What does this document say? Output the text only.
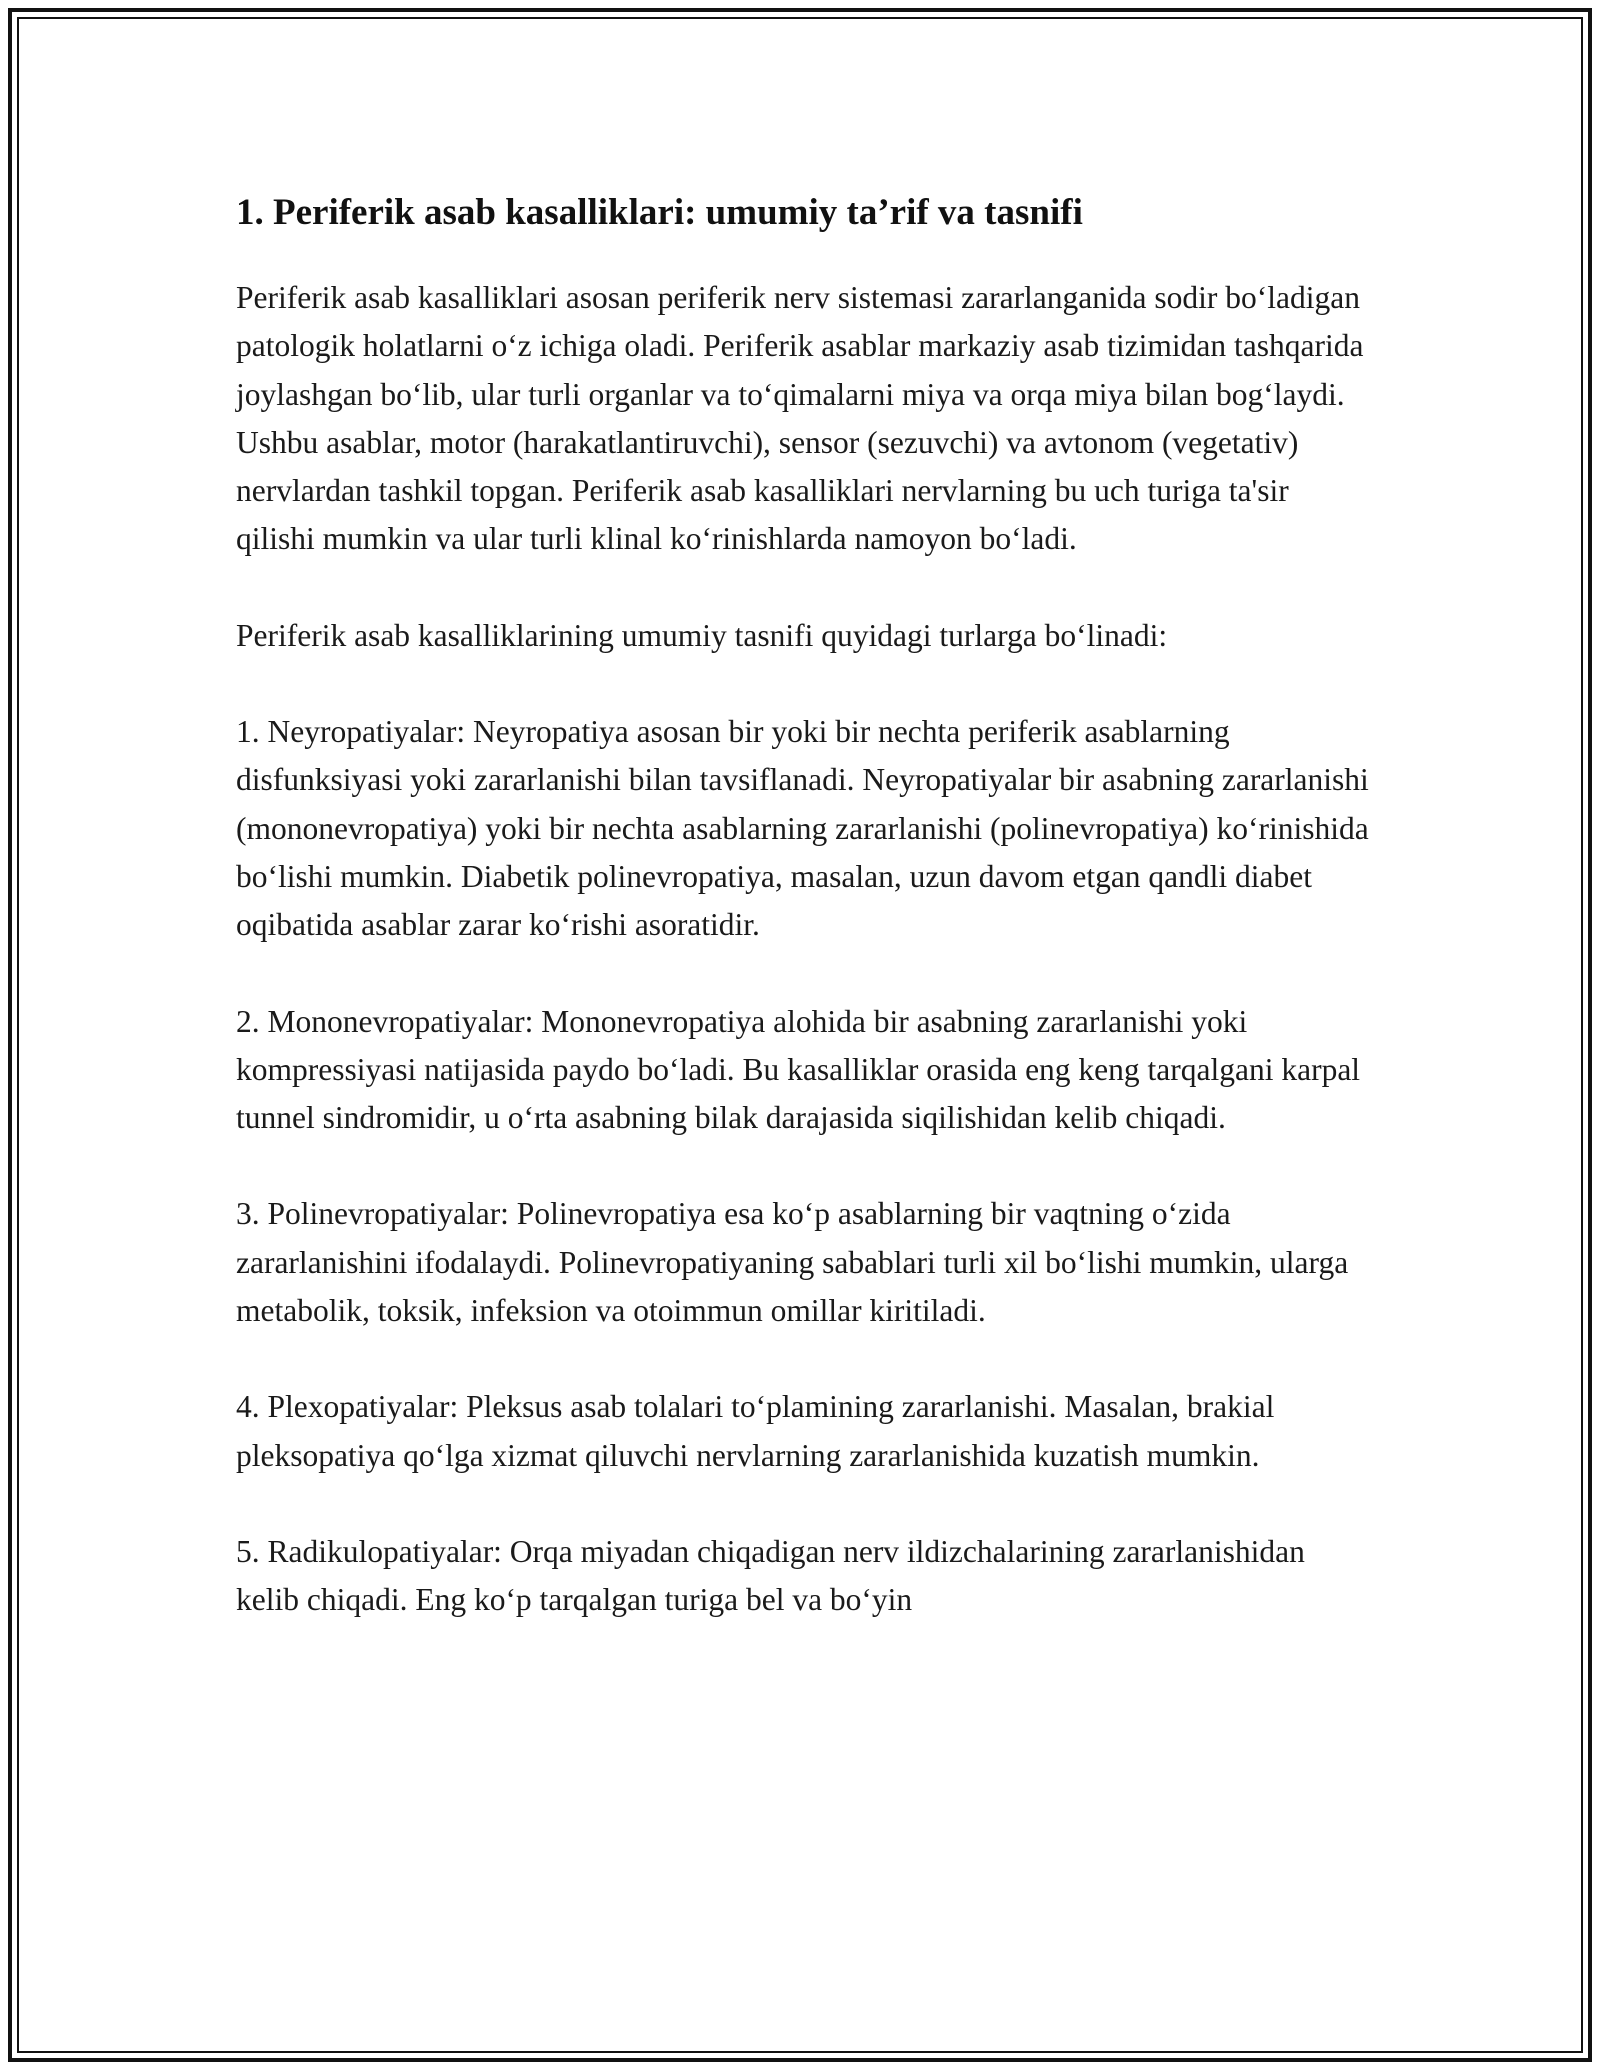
1. Periferik asab kasalliklari: umumiy ta’rif va tasnifi

Periferik asab kasalliklari asosan periferik nerv sistemasi zararlanganida sodir boʻladigan patologik holatlarni oʻz ichiga oladi. Periferik asablar markaziy asab tizimidan tashqarida joylashgan boʻlib, ular turli organlar va toʻqimalarni miya va orqa miya bilan bogʻlaydi. Ushbu asablar, motor (harakatlantiruvchi), sensor (sezuvchi) va avtonom (vegetativ) nervlardan tashkil topgan. Periferik asab kasalliklari nervlarning bu uch turiga ta'sir qilishi mumkin va ular turli klinal koʻrinishlarda namoyon boʻladi.

Periferik asab kasalliklarining umumiy tasnifi quyidagi turlarga boʻlinadi:

1. Neyropatiyalar: Neyropatiya asosan bir yoki bir nechta periferik asablarning disfunksiyasi yoki zararlanishi bilan tavsiflanadi. Neyropatiyalar bir asabning zararlanishi (mononevropatiya) yoki bir nechta asablarning zararlanishi (polinevropatiya) koʻrinishida boʻlishi mumkin. Diabetik polinevropatiya, masalan, uzun davom etgan qandli diabet oqibatida asablar zarar koʻrishi asoratidir.

2. Mononevropatiyalar: Mononevropatiya alohida bir asabning zararlanishi yoki kompressiyasi natijasida paydo boʻladi. Bu kasalliklar orasida eng keng tarqalgani karpal tunnel sindromidir, u oʻrta asabning bilak darajasida siqilishidan kelib chiqadi.

3. Polinevropatiyalar: Polinevropatiya esa koʻp asablarning bir vaqtning oʻzida zararlanishini ifodalaydi. Polinevropatiyaning sabablari turli xil boʻlishi mumkin, ularga metabolik, toksik, infeksion va otoimmun omillar kiritiladi.

4. Plexopatiyalar: Pleksus asab tolalari toʻplamining zararlanishi. Masalan, brakial pleksopatiya qoʻlga xizmat qiluvchi nervlarning zararlanishida kuzatish mumkin.

5. Radikulopatiyalar: Orqa miyadan chiqadigan nerv ildizchalarining zararlanishidan kelib chiqadi. Eng koʻp tarqalgan turiga bel va boʻyin
